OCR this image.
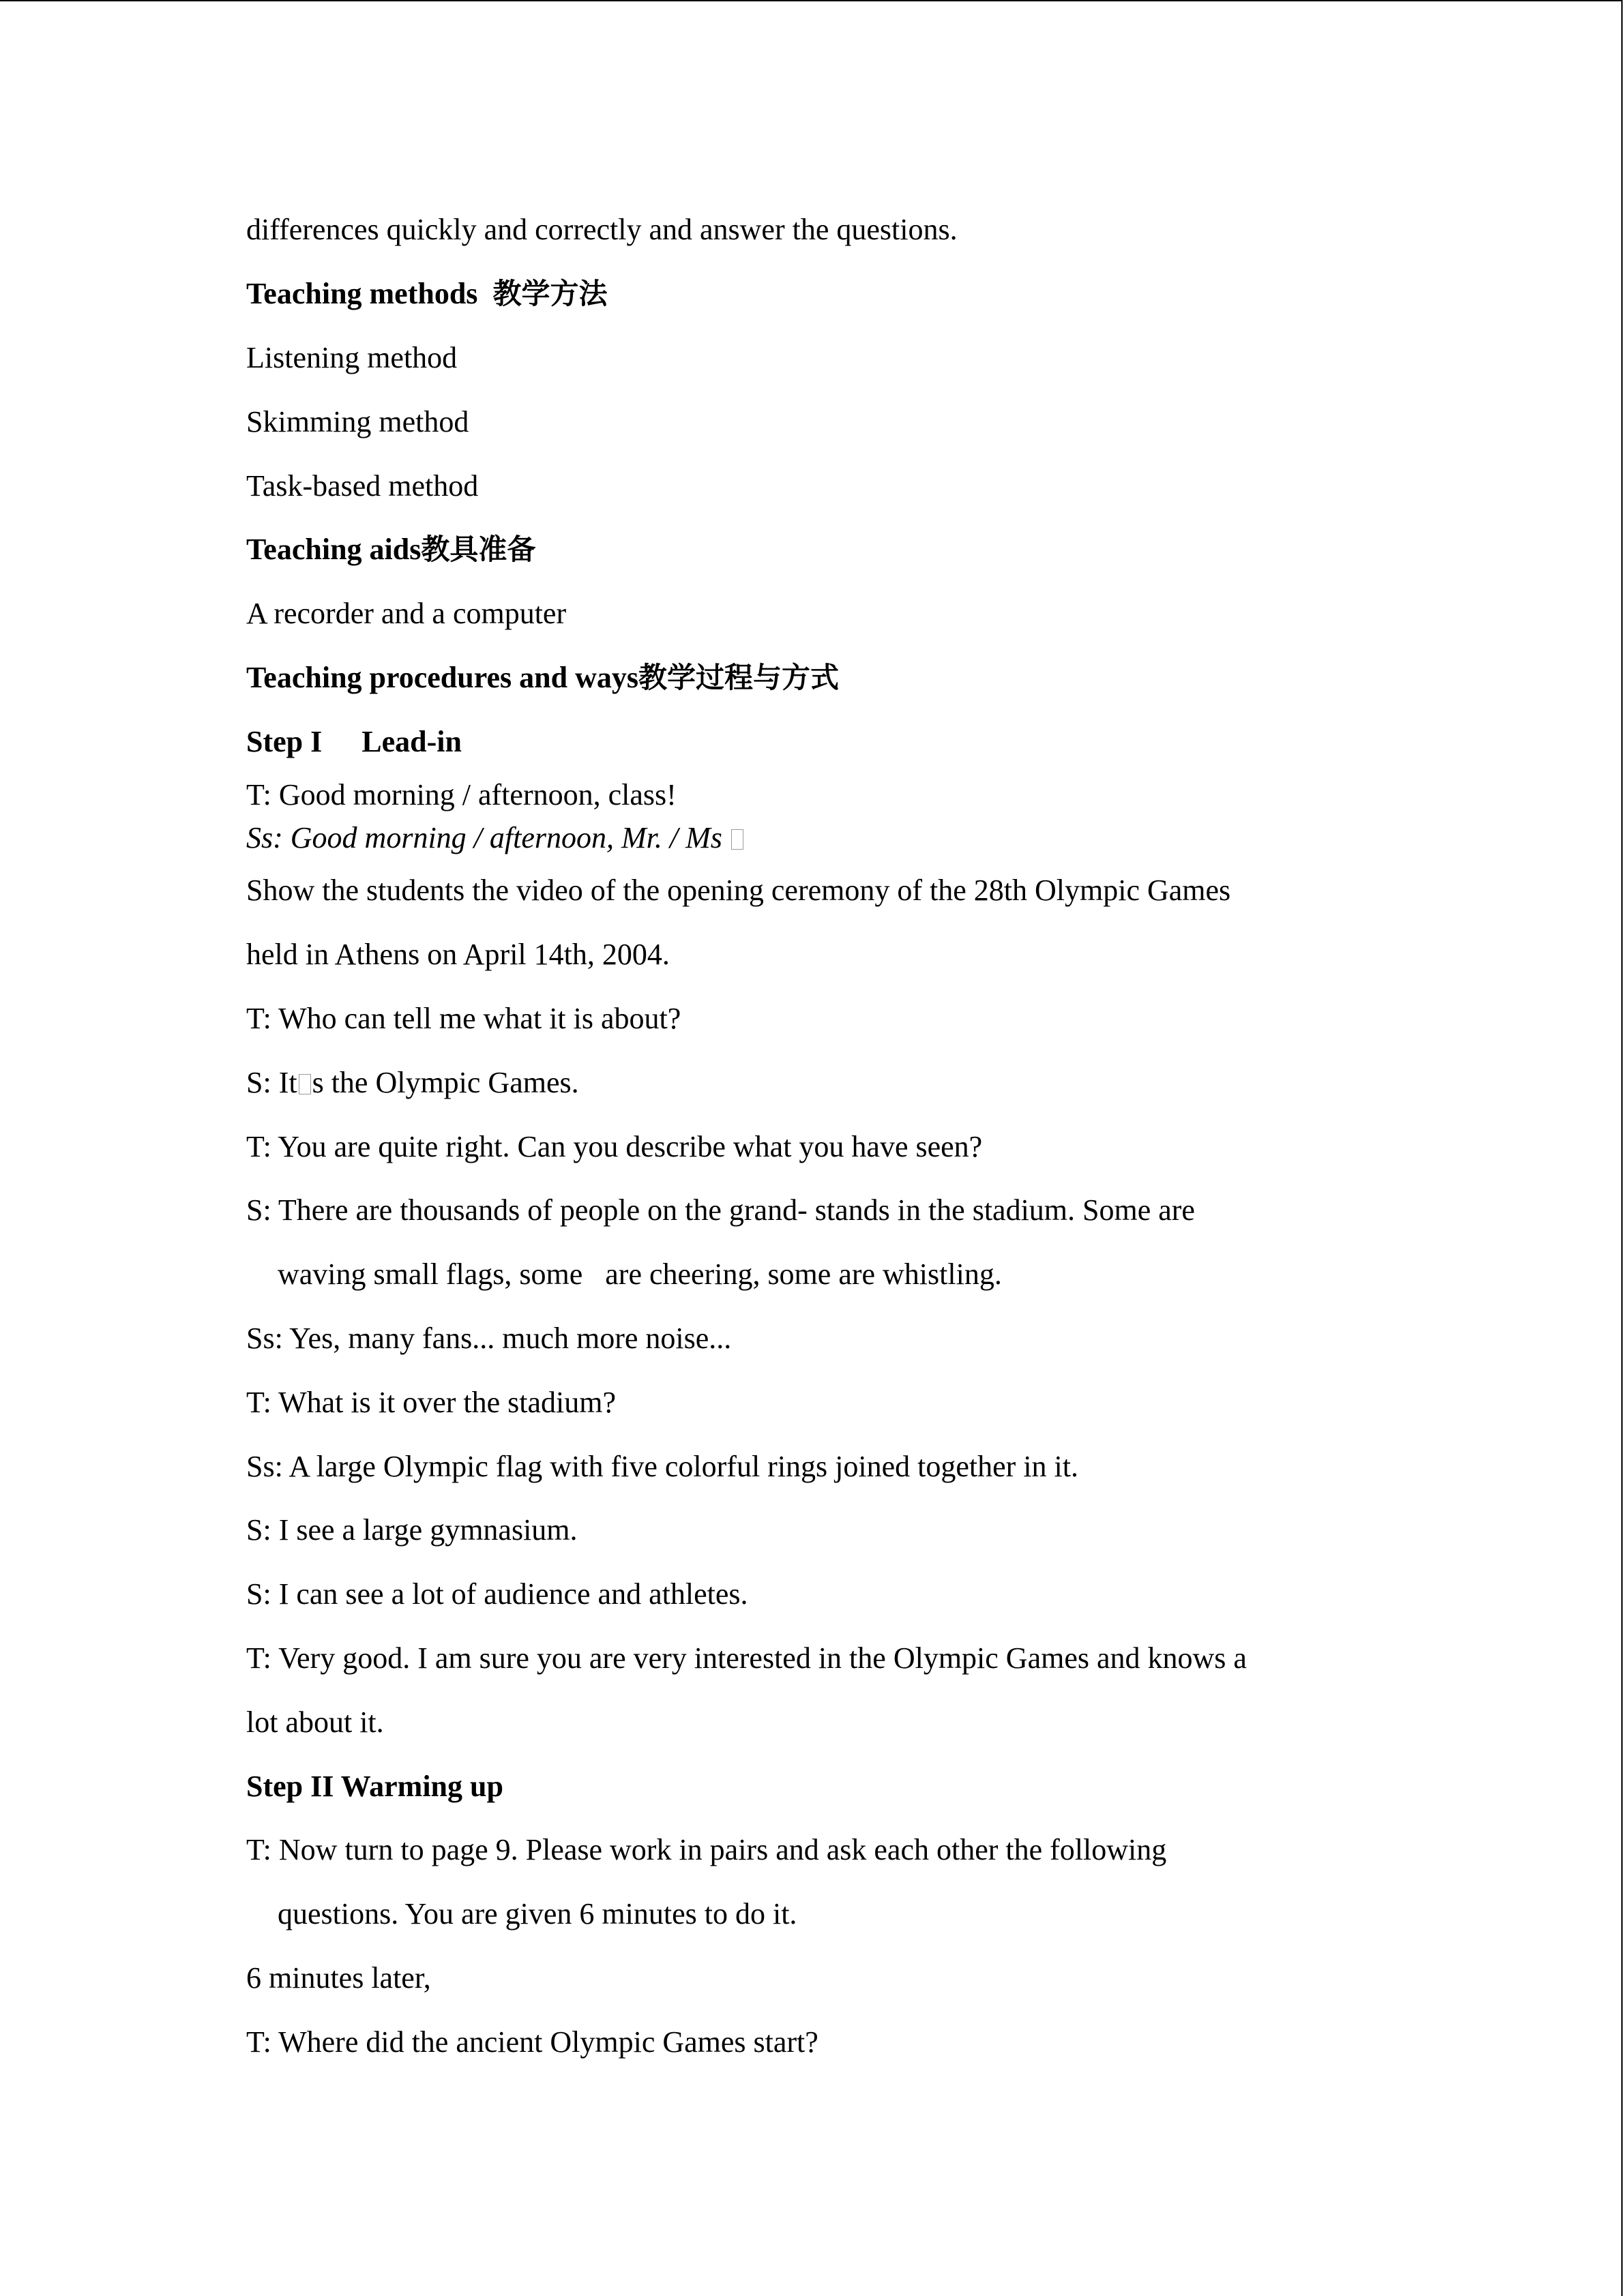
differences quickly and correctly and answer the questions.

Teaching methods 教学方法

Listening method

Skimming method

Task-based method

Teaching aids教具准备

A recorder and a computer

Teaching procedures and ways教学过程与方式

Step I Lead-in

T: Good morning / afternoon, class!

Ss: Good morning / afternoon, Mr. / Ms

Show the students the video of the opening ceremony of the 28th Olympic Games

held in Athens on April 14th, 2004.

T: Who can tell me what it is about?

S: It s the Olympic Games.

T: You are quite right. Can you describe what you have seen?

S: There are thousands of people on the grand- stands in the stadium. Some are

waving small flags, some   are cheering, some are whistling.

Ss: Yes, many fans... much more noise...

T: What is it over the stadium?

Ss: A large Olympic flag with five colorful rings joined together in it.

S: I see a large gymnasium.

S: I can see a lot of audience and athletes.

T: Very good. I am sure you are very interested in the Olympic Games and knows a

lot about it.

Step II Warming up

T: Now turn to page 9. Please work in pairs and ask each other the following

questions. You are given 6 minutes to do it.

6 minutes later,

T: Where did the ancient Olympic Games start?
